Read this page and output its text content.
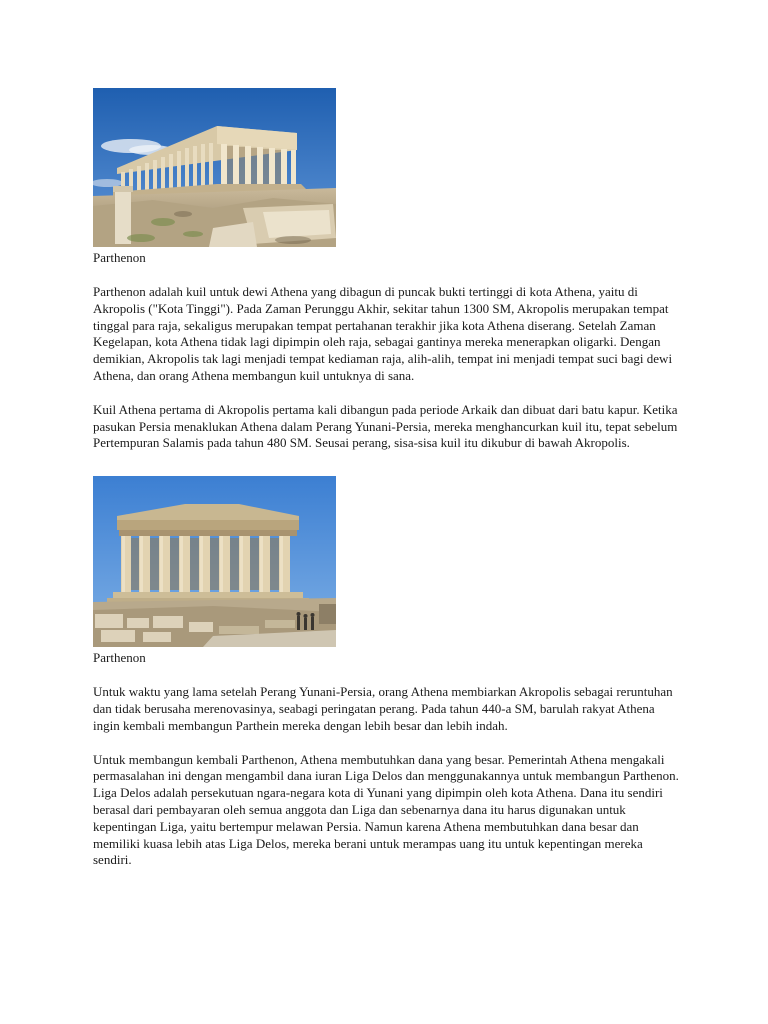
Parthenon

Parthenon adalah kuil untuk dewi Athena yang dibagun di puncak bukti tertinggi di kota Athena, yaitu di Akropolis ("Kota Tinggi"). Pada Zaman Perunggu Akhir, sekitar tahun 1300 SM, Akropolis merupakan tempat tinggal para raja, sekaligus merupakan tempat pertahanan terakhir jika kota Athena diserang. Setelah Zaman Kegelapan, kota Athena tidak lagi dipimpin oleh raja, sebagai gantinya mereka menerapkan oligarki. Dengan demikian, Akropolis tak lagi menjadi tempat kediaman raja, alih-alih, tempat ini menjadi tempat suci bagi dewi Athena, dan orang Athena membangun kuil untuknya di sana.

Kuil Athena pertama di Akropolis pertama kali dibangun pada periode Arkaik dan dibuat dari batu kapur. Ketika pasukan Persia menaklukan Athena dalam Perang Yunani-Persia, mereka menghancurkan kuil itu, tepat sebelum Pertempuran Salamis pada tahun 480 SM. Seusai perang, sisa-sisa kuil itu dikubur di bawah Akropolis.

Parthenon

Untuk waktu yang lama setelah Perang Yunani-Persia, orang Athena membiarkan Akropolis sebagai reruntuhan dan tidak berusaha merenovasinya, seabagi peringatan perang. Pada tahun 440-a SM, barulah rakyat Athena ingin kembali membangun Parthein mereka dengan lebih besar dan lebih indah.

Untuk membangun kembali Parthenon, Athena membutuhkan dana yang besar. Pemerintah Athena mengakali permasalahan ini dengan mengambil dana iuran Liga Delos dan menggunakannya untuk membangun Parthenon. Liga Delos adalah persekutuan ngara-negara kota di Yunani yang dipimpin oleh kota Athena. Dana itu sendiri berasal dari pembayaran oleh semua anggota dan Liga dan sebenarnya dana itu harus digunakan untuk kepentingan Liga, yaitu bertempur melawan Persia. Namun karena Athena membutuhkan dana besar dan memiliki kuasa lebih atas Liga Delos, mereka berani untuk merampas uang itu untuk kepentingan mereka sendiri.
